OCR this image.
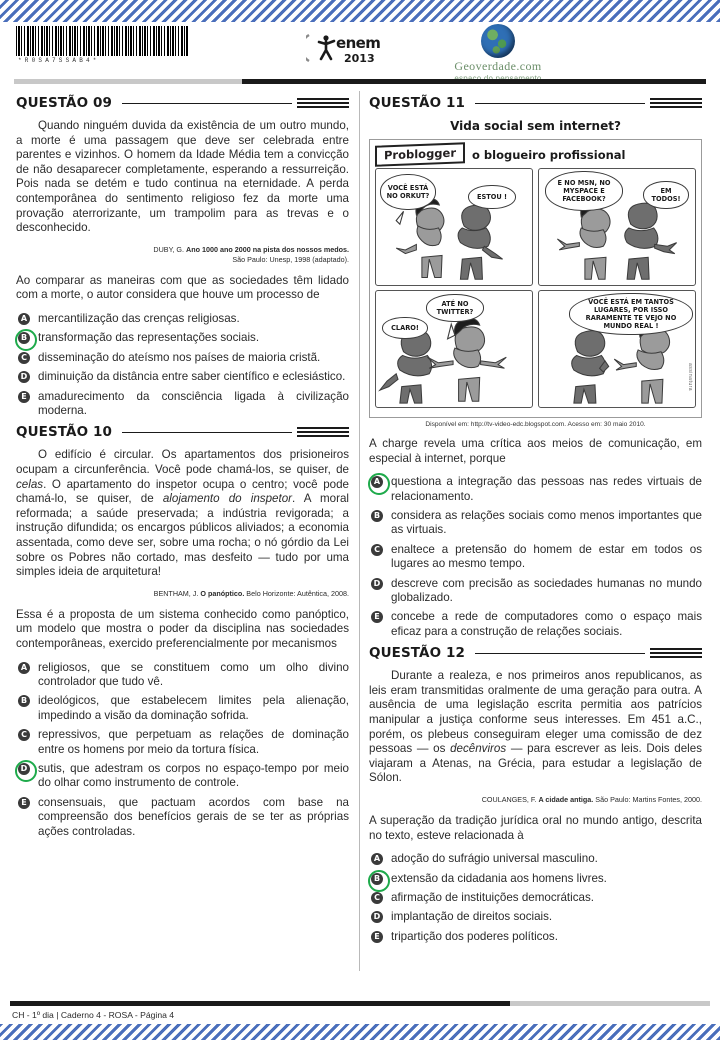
*R0SA7SSAB4*
enem
2013
Geoverdade.com
QUESTÃO 09

Quando ninguém duvida da existência de um outro mundo, a morte é uma passagem que deve ser celebrada entre parentes e vizinhos. O homem da Idade Média tem a convicção de não desaparecer completamente, esperando a ressurreição. Pois nada se detém e tudo continua na eternidade. A perda contemporânea do sentimento religioso fez da morte uma provação aterrorizante, um trampolim para as trevas e o desconhecido.

DUBY, G. Ano 1000 ano 2000 na pista dos nossos medos.
São Paulo: Unesp, 1998 (adaptado).

Ao comparar as maneiras com que as sociedades têm lidado com a morte, o autor considera que houve um processo de

A mercantilização das crenças religiosas.
B transformação das representações sociais.
C disseminação do ateísmo nos países de maioria cristã.
D diminuição da distância entre saber científico e eclesiástico.
E amadurecimento da consciência ligada à civilização moderna.
QUESTÃO 10

O edifício é circular. Os apartamentos dos prisioneiros ocupam a circunferência. Você pode chamá-los, se quiser, de celas. O apartamento do inspetor ocupa o centro; você pode chamá-lo, se quiser, de alojamento do inspetor. A moral reformada; a saúde preservada; a indústria revigorada; a instrução difundida; os encargos públicos aliviados; a economia assentada, como deve ser, sobre uma rocha; o nó górdio da Lei sobre os Pobres não cortado, mas desfeito — tudo por uma simples ideia de arquitetura!

BENTHAM, J. O panóptico. Belo Horizonte: Autêntica, 2008.

Essa é a proposta de um sistema conhecido como panóptico, um modelo que mostra o poder da disciplina nas sociedades contemporâneas, exercido preferencialmente por mecanismos

A religiosos, que se constituem como um olho divino controlador que tudo vê.
B ideológicos, que estabelecem limites pela alienação, impedindo a visão da dominação sofrida.
C repressivos, que perpetuam as relações de dominação entre os homens por meio da tortura física.
D sutis, que adestram os corpos no espaço-tempo por meio do olhar como instrumento de controle.
E consensuais, que pactuam acordos com base na compreensão dos benefícios gerais de se ter as próprias ações controladas.
QUESTÃO 11
Vida social sem internet?
Problogger	o blogueiro profissional
VOCÊ ESTÁ NO ORKUT?	ESTOU !
E NO MSN, NO MYSPACE E FACEBOOK?
EM TODOS!
ATÉ NO TWITTER?
CLARO!
VOCÊ ESTÁ EM TANTOS LUGARES, POR ISSO RARAMENTE TE VEJO NO MUNDO REAL !
assinatura
Disponível em: http://tv-video-edc.blogspot.com. Acesso em: 30 maio 2010.

A charge revela uma crítica aos meios de comunicação, em especial à internet, porque

A questiona a integração das pessoas nas redes virtuais de relacionamento.
B considera as relações sociais como menos importantes que as virtuais.
C enaltece a pretensão do homem de estar em todos os lugares ao mesmo tempo.
D descreve com precisão as sociedades humanas no mundo globalizado.
E concebe a rede de computadores como o espaço mais eficaz para a construção de relações sociais.
QUESTÃO 12

Durante a realeza, e nos primeiros anos republicanos, as leis eram transmitidas oralmente de uma geração para outra. A ausência de uma legislação escrita permitia aos patrícios manipular a justiça conforme seus interesses. Em 451 a.C., porém, os plebeus conseguiram eleger uma comissão de dez pessoas — os decênviros — para escrever as leis. Dois deles viajaram a Atenas, na Grécia, para estudar a legislação de Sólon.

COULANGES, F. A cidade antiga. São Paulo: Martins Fontes, 2000.

A superação da tradição jurídica oral no mundo antigo, descrita no texto, esteve relacionada à

A adoção do sufrágio universal masculino.
B extensão da cidadania aos homens livres.
C afirmação de instituições democráticas.
D implantação de direitos sociais.
E tripartição dos poderes políticos.
CH - 1º dia | Caderno 4 - ROSA - Página 4
